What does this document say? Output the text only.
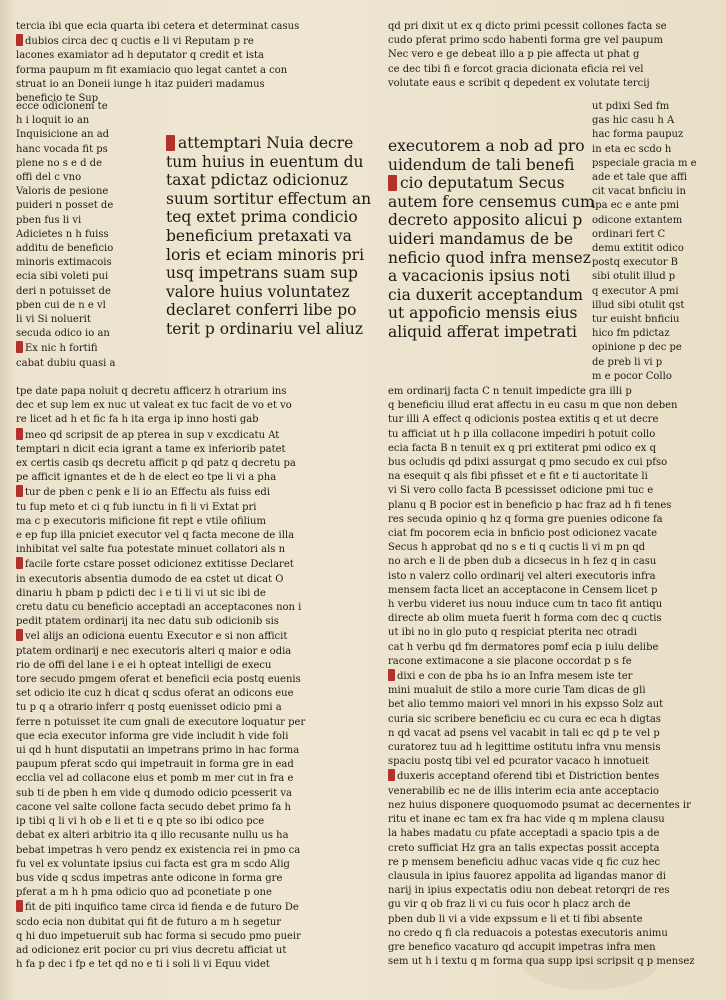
tercia ibi que ecia quarta ibi cetera et determinat casus
dubios circa dec q cuctis e li vi Reputam p re
lacones examiator ad h deputator q credit et ista
forma paupum m fit examiacio quo legat cantet a con
struat io an Doneii iunge h itaz puideri madamus
beneficio te Sup
qd pri dixit ut ex q dicto primi pcessit collones facta se
cudo pferat primo scdo habenti forma gre vel paupum
Nec vero e ge debeat illo a p pie affecta ut phat g
ce dec tibi fi e forcot gracia dicionata eficia rei vel
volutate eaus e scribit q depedent ex volutate tercij
ecce odicionem te
h i loquit io an
Inquisicione an ad
hanc vocada fit ps
plene no s e d de
offi del c vno
Valoris de pesione
puideri n posset de
pben fus li vi
Adicietes n h fuiss
additu de beneficio
minoris extimacois
ecia sibi voleti pui
deri n potuisset de
pben cui de n e vl
li vi Si noluerit
secuda odico io an
Ex nic h fortifi
cabat dubiu quasi a
ut pdixi Sed fm
gas hic casu h A
hac forma paupuz
in eta ec scdo h
pspeciale gracia m e
ade et tale que affi
cit vacat bnficiu in
ipa ec e ante pmi
odicone extantem
ordinari fert C
demu extitit odico
postq executor B
sibi otulit illud p
q executor A pmi
illud sibi otulit qst
tur euisht bnficiu
hico fm pdictaz
opinione p dec pe
de preb li vi p
m e pocor Collo
attemptari Nuia decre
tum huius in euentum du
taxat pdictaz odicionuz
suum sortitur effectum an
teq extet prima condicio
beneficium pretaxati va
loris et eciam minoris pri
usq impetrans suam sup
valore huius voluntatez
declaret conferri libe po
terit p ordinariu vel aliuz
executorem a nob ad pro
uidendum de tali benefi
cio deputatum Secus
autem fore censemus cum
decreto apposito alicui p
uideri mandamus de be
neficio quod infra mensez
a vacacionis ipsius noti
cia duxerit acceptandum
ut appoficio mensis eius
aliquid afferat impetrati
tpe date papa noluit q decretu afficerz h otrarium ins
dec et sup lem ex nuc ut valeat ex tuc facit de vo et vo
re licet ad h et fic fa h ita erga ip inno hosti gab
meo qd scripsit de ap pterea in sup v excdicatu At
temptari n dicit ecia igrant a tame ex inferiorib patet
ex certis casib qs decretu afficit p qd patz q decretu pa
pe afficit ignantes et de h de elect eo tpe li vi a pha
tur de pben c penk e li io an Effectu als fuiss edi
tu fup meto et ci q fub iunctu in fi li vi Extat pri
ma c p executoris mificione fit rept e vtile ofilium
e ep fup illa pniciet executor vel q facta mecone de illa
inhibitat vel salte fua potestate minuet collatori als n
facile forte cstare posset odicionez extitisse Declaret
in executoris absentia dumodo de ea cstet ut dicat O
dinariu h pbam p pdicti dec i e ti li vi ut sic ibi de
cretu datu cu beneficio acceptadi an acceptacones non i
pedit ptatem ordinarij ita nec datu sub odicionib sis
vel alijs an odiciona euentu Executor e si non afficit
ptatem ordinarij e nec executoris alteri q maior e odia
rio de offi del lane i e ei h opteat intelligi de execu
tore secudo pmgem oferat et beneficii ecia postq euenis
set odicio ite cuz h dicat q scdus oferat an odicons eue
tu p q a otrario inferr q postq euenisset odicio pmi a
ferre n potuisset ite cum gnali de executore loquatur per
que ecia executor informa gre vide includit h vide foli
ui qd h hunt disputatii an impetrans primo in hac forma
paupum pferat scdo qui impetrauit in forma gre in ead
ecclia vel ad collacone eius et pomb m mer cut in fra e
sub ti de pben h em vide q dumodo odicio pcesserit va
cacone vel salte collone facta secudo debet primo fa h
ip tibi q li vi h ob e li et ti e q pte so ibi odico pce
debat ex alteri arbitrio ita q illo recusante nullu us ha
bebat impetras h vero pendz ex existencia rei in pmo ca
fu vel ex voluntate ipsius cui facta est gra m scdo Alig
bus vide q scdus impetras ante odicone in forma gre
pferat a m h h pma odicio quo ad pconetiate p one
fit de piti inquifico tame circa id fienda e de futuro De
scdo ecia non dubitat qui fit de futuro a m h segetur
q hi duo impetueruit sub hac forma si secudo pmo pueir
ad odicionez erit pocior cu pri vius decretu afficiat ut
h fa p dec i fp e tet qd no e ti i soli li vi Equu videt
em ordinarij facta C n tenuit impedicte gra illi p
q beneficiu illud erat affectu in eu casu m que non deben
tur illi A effect q odicionis postea extitis q et ut decre
tu afficiat ut h p illa collacone impediri h potuit collo
ecia facta B n tenuit ex q pri extiterat pmi odico ex q
bus ocludis qd pdixi assurgat q pmo secudo ex cui pfso
na esequit q als fibi pfisset et e fit e ti auctoritate li
vi Si vero collo facta B pcessisset odicione pmi tuc e
planu q B pocior est in beneficio p hac fraz ad h fi tenes
res secuda opinio q hz q forma gre puenies odicone fa
ciat fm pocorem ecia in bnficio post odicionez vacate
Secus h approbat qd no s e ti q cuctis li vi m pn qd
no arch e li de pben dub a dicsecus in h fez q in casu
isto n valerz collo ordinarij vel alteri executoris infra
mensem facta licet an acceptacone in Censem licet p
h verbu videret ius nouu induce cum tn taco fit antiqu
directe ab olim mueta fuerit h forma com dec q cuctis
ut ibi no in glo puto q respiciat pterita nec otradi
cat h verbu qd fm dermatores pomf ecia p iulu delibe
racone extimacone a sie placone occordat p s fe
dixi e con de pba hs io an Infra mesem iste ter
mini mualuit de stilo a more curie Tam dicas de gli
bet alio temmo maiori vel mnori in his expsso Solz aut
curia sic scribere beneficiu ec cu cura ec eca h digtas
n qd vacat ad psens vel vacabit in tali ec qd p te vel p
curatorez tuu ad h legittime ostitutu infra vnu mensis
spaciu postq tibi vel ed pcurator vacaco h innotueit
duxeris acceptand oferend tibi et Distriction bentes
venerabilib ec ne de illis interim ecia ante acceptacio
nez huius disponere quoquomodo psumat ac decernentes ir
ritu et inane ec tam ex fra hac vide q m mplena clausu
la habes madatu cu pfate acceptadi a spacio tpis a de
creto sufficiat Hz gra an talis expectas possit accepta
re p mensem beneficiu adhuc vacas vide q fic cuz hec
clausula in ipius fauorez appolita ad ligandas manor di
narij in ipius expectatis odiu non debeat retorqri de res
gu vir q ob fraz li vi cu fuis ocor h placz arch de
pben dub li vi a vide expssum e li et ti fibi absente
no credo q fi cla reduacois a potestas executoris animu
gre benefico vacaturo qd accupit impetras infra men
sem ut h i textu q m forma qua supp ipsi scripsit q p mensez
